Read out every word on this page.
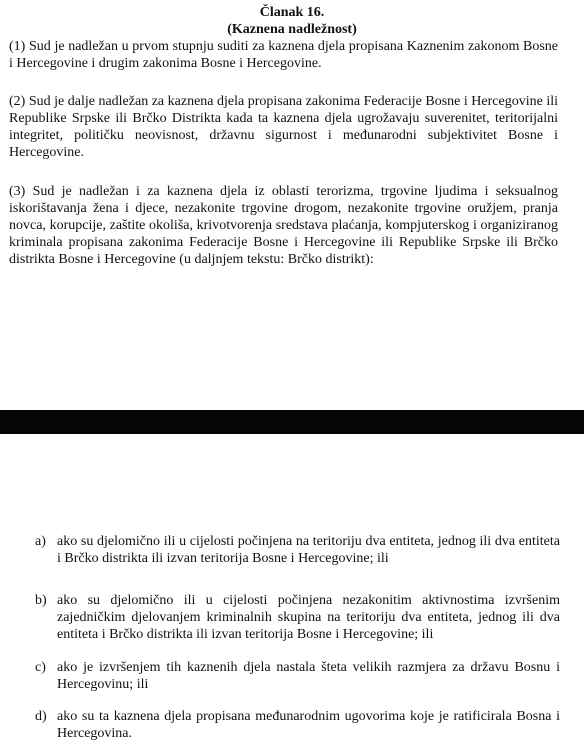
Članak 16.
(Kaznena nadležnost)
(1) Sud je nadležan u prvom stupnju suditi za kaznena djela propisana Kaznenim zakonom Bosne i Hercegovine i drugim zakonima Bosne i Hercegovine.
(2) Sud je dalje nadležan za kaznena djela propisana zakonima Federacije Bosne i Hercegovine ili Republike Srpske ili Brčko Distrikta kada ta kaznena djela ugrožavaju suverenitet, teritorijalni integritet, političku neovisnost, državnu sigurnost i međunarodni subjektivitet Bosne i Hercegovine.
(3) Sud je nadležan i za kaznena djela iz oblasti terorizma, trgovine ljudima i seksualnog iskorištavanja žena i djece, nezakonite trgovine drogom, nezakonite trgovine oružjem, pranja novca, korupcije, zaštite okoliša, krivotvorenja sredstava plaćanja, kompjuterskog i organiziranog kriminala propisana zakonima Federacije Bosne i Hercegovine ili Republike Srpske ili Brčko distrikta Bosne i Hercegovine (u daljnjem tekstu: Brčko distrikt):
a) ako su djelomično ili u cijelosti počinjena na teritoriju dva entiteta, jednog ili dva entiteta i Brčko distrikta ili izvan teritorija Bosne i Hercegovine; ili
b) ako su djelomično ili u cijelosti počinjena nezakonitim aktivnostima izvršenim zajedničkim djelovanjem kriminalnih skupina na teritoriju dva entiteta, jednog ili dva entiteta i Brčko distrikta ili izvan teritorija Bosne i Hercegovine; ili
c) ako je izvršenjem tih kaznenih djela nastala šteta velikih razmjera za državu Bosnu i Hercegovinu; ili
d) ako su ta kaznena djela propisana međunarodnim ugovorima koje je ratificirala Bosna i Hercegovina.
